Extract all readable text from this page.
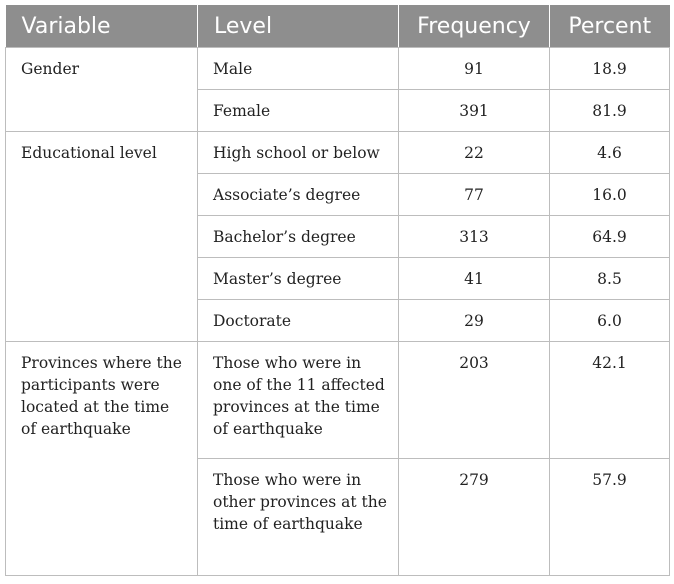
Variable	Level	Frequency	Percent
Gender	Male	91	18.9
	Female	391	81.9
Educational level	High school or below	22	4.6
	Associate’s degree	77	16.0
	Bachelor’s degree	313	64.9
	Master’s degree	41	8.5
	Doctorate	29	6.0
Provinces where the participants were located at the time of earthquake	Those who were in one of the 11 affected provinces at the time of earthquake	203	42.1
	Those who were in other provinces at the time of earthquake	279	57.9
